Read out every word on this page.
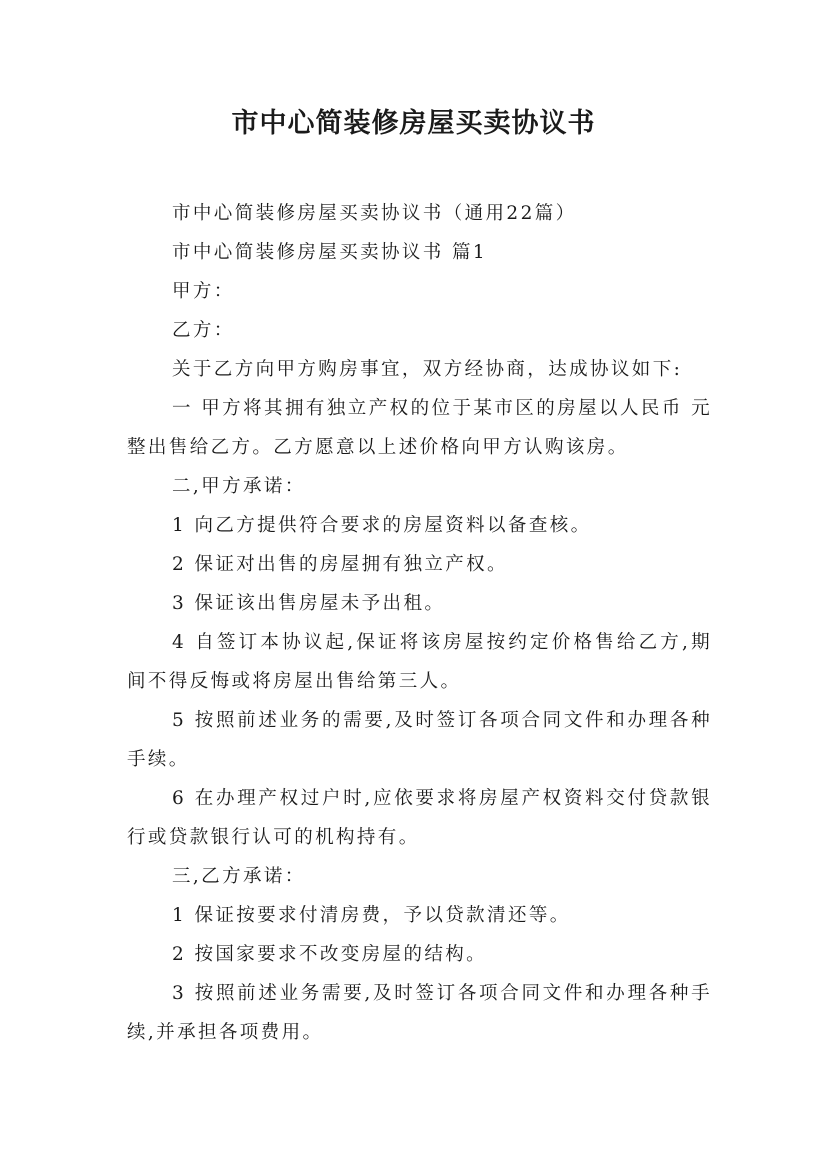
市中心简装修房屋买卖协议书

市中心简装修房屋买卖协议书（通用22篇）

市中心简装修房屋买卖协议书 篇1

甲方：

乙方：

关于乙方向甲方购房事宜，双方经协商，达成协议如下:

一 甲方将其拥有独立产权的位于某市区的房屋以人民币 元整出售给乙方。乙方愿意以上述价格向甲方认购该房。

二,甲方承诺：

1 向乙方提供符合要求的房屋资料以备查核。

2 保证对出售的房屋拥有独立产权。

3 保证该出售房屋未予出租。

4 自签订本协议起,保证将该房屋按约定价格售给乙方,期间不得反悔或将房屋出售给第三人。

5 按照前述业务的需要,及时签订各项合同文件和办理各种手续。

6 在办理产权过户时,应依要求将房屋产权资料交付贷款银行或贷款银行认可的机构持有。

三,乙方承诺：

1 保证按要求付清房费，予以贷款清还等。

2 按国家要求不改变房屋的结构。

3 按照前述业务需要,及时签订各项合同文件和办理各种手续,并承担各项费用。
